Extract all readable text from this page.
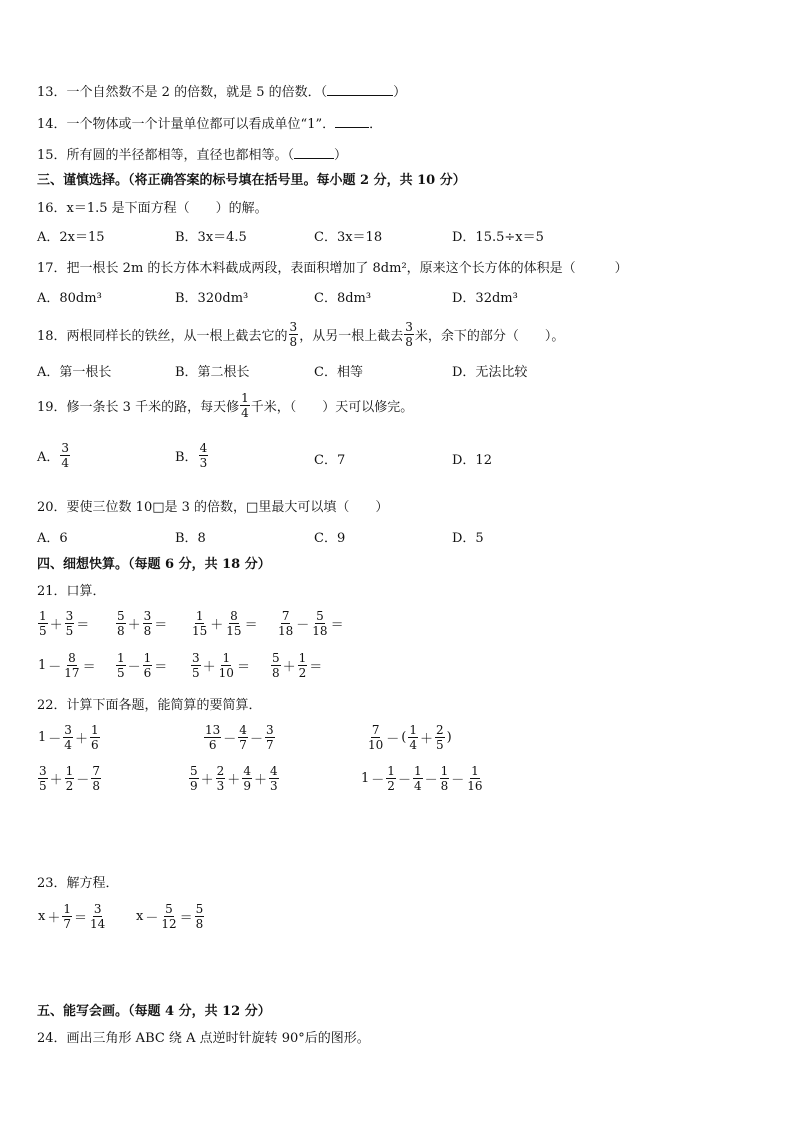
13．一个自然数不是 2 的倍数，就是 5 的倍数．（	）
14．一个物体或一个计量单位都可以看成单位“1”．	．
15．所有圆的半径都相等，直径也都相等。（	）
三、谨慎选择。（将正确答案的标号填在括号里。每小题 2 分，共 10 分）
16．x＝1.5 是下面方程（　　）的解。
A．2x＝15	B．3x＝4.5	C．3x＝18	D．15.5÷x＝5
17．把一根长 2m 的长方体木料截成两段，表面积增加了 8dm²，原来这个长方体的体积是（　　　）
A．80dm³	B．320dm³	C．8dm³	D．32dm³
18．两根同样长的铁丝，从一根上截去它的 $\frac{3}{8}$ ，从另一根上截去 $\frac{3}{8}$ 米，余下的部分（　　）。
A．第一根长	B．第二根长	C．相等	D．无法比较
19．修一条长 3 千米的路，每天修 $\frac{1}{4}$ 千米，（　　）天可以修完。
A． $\frac{3}{4}$	B． $\frac{4}{3}$	C．7	D．12
20．要使三位数 10□是 3 的倍数，□里最大可以填（　　）
A．6	B．8	C．9	D．5
四、细想快算。（每题 6 分，共 18 分）
21．口算．
$\frac{1}{5} + \frac{3}{5} = \frac{5}{8} + \frac{3}{8} = \frac{1}{15} + \frac{8}{15} = \frac{7}{18} - \frac{5}{18}$ ＝
$1 - \frac{8}{17} = \frac{1}{5} - \frac{1}{6} = \frac{3}{5} + \frac{1}{10} = \frac{5}{8} + \frac{1}{2}$ ＝
22．计算下面各题，能简算的要简算．
$1 - \frac{3}{4} + \frac{1}{6}$	$\frac{13}{6} - \frac{4}{7} - \frac{3}{7}$	$\frac{7}{10}$ － ( $\frac{1}{4} + \frac{2}{5}$ )
$\frac{3}{5} + \frac{1}{2} - \frac{7}{8}$	$\frac{5}{9} + \frac{2}{3} + \frac{4}{9} + \frac{4}{3}$	$1 - \frac{1}{2} - \frac{1}{4} - \frac{1}{8} - \frac{1}{16}$
23．解方程．
$x + \frac{1}{7} = \frac{3}{14}$ $x - \frac{5}{12} = \frac{5}{8}$
五、能写会画。（每题 4 分，共 12 分）
24．画出三角形 ABC 绕 A 点逆时针旋转 90°后的图形。
